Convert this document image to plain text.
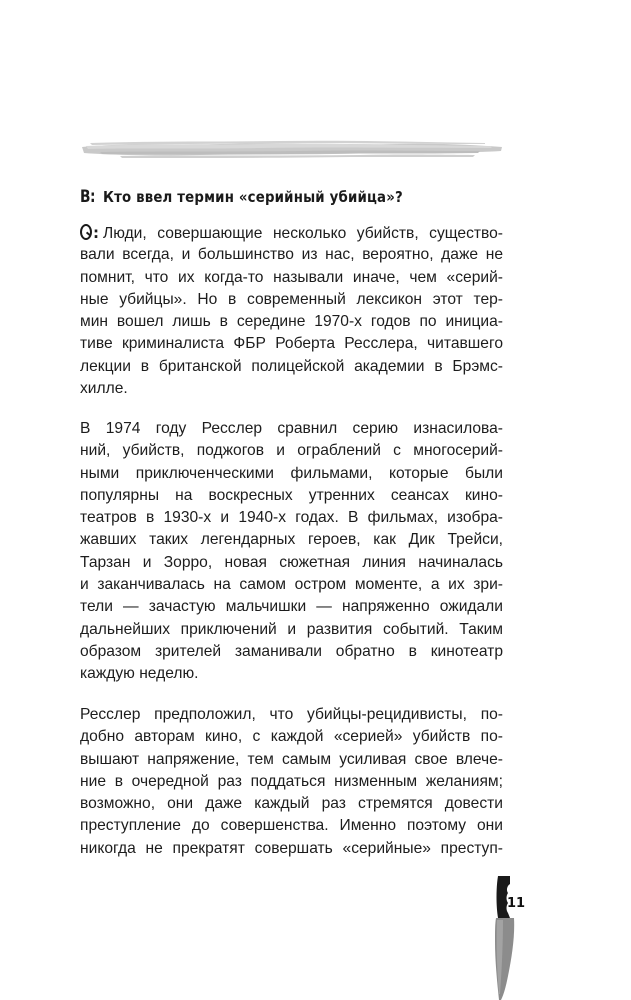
В: Кто ввел термин «серийный убийца»?
: Люди, совершающие несколько убийств, существо-
вали всегда, и большинство из нас, вероятно, даже не
помнит, что их когда-то называли иначе, чем «серий-
ные убийцы». Но в современный лексикон этот тер-
мин вошел лишь в середине 1970-х годов по инициа-
тиве криминалиста ФБР Роберта Ресслера, читавшего
лекции в британской полицейской академии в Брэмс-
хилле.
В 1974 году Ресслер сравнил серию изнасилова-
ний, убийств, поджогов и ограблений с многосерий-
ными приключенческими фильмами, которые были
популярны на воскресных утренних сеансах кино-
театров в 1930-х и 1940-х годах. В фильмах, изобра-
жавших таких легендарных героев, как Дик Трейси,
Тарзан и Зорро, новая сюжетная линия начиналась
и заканчивалась на самом остром моменте, а их зри-
тели — зачастую мальчишки — напряженно ожидали
дальнейших приключений и развития событий. Таким
образом зрителей заманивали обратно в кинотеатр
каждую неделю.
Ресслер предположил, что убийцы-рецидивисты, по-
добно авторам кино, с каждой «серией» убийств по-
вышают напряжение, тем самым усиливая свое влече-
ние в очередной раз поддаться низменным желаниям;
возможно, они даже каждый раз стремятся довести
преступление до совершенства. Именно поэтому они
никогда не прекратят совершать «серийные» преступ-
11
